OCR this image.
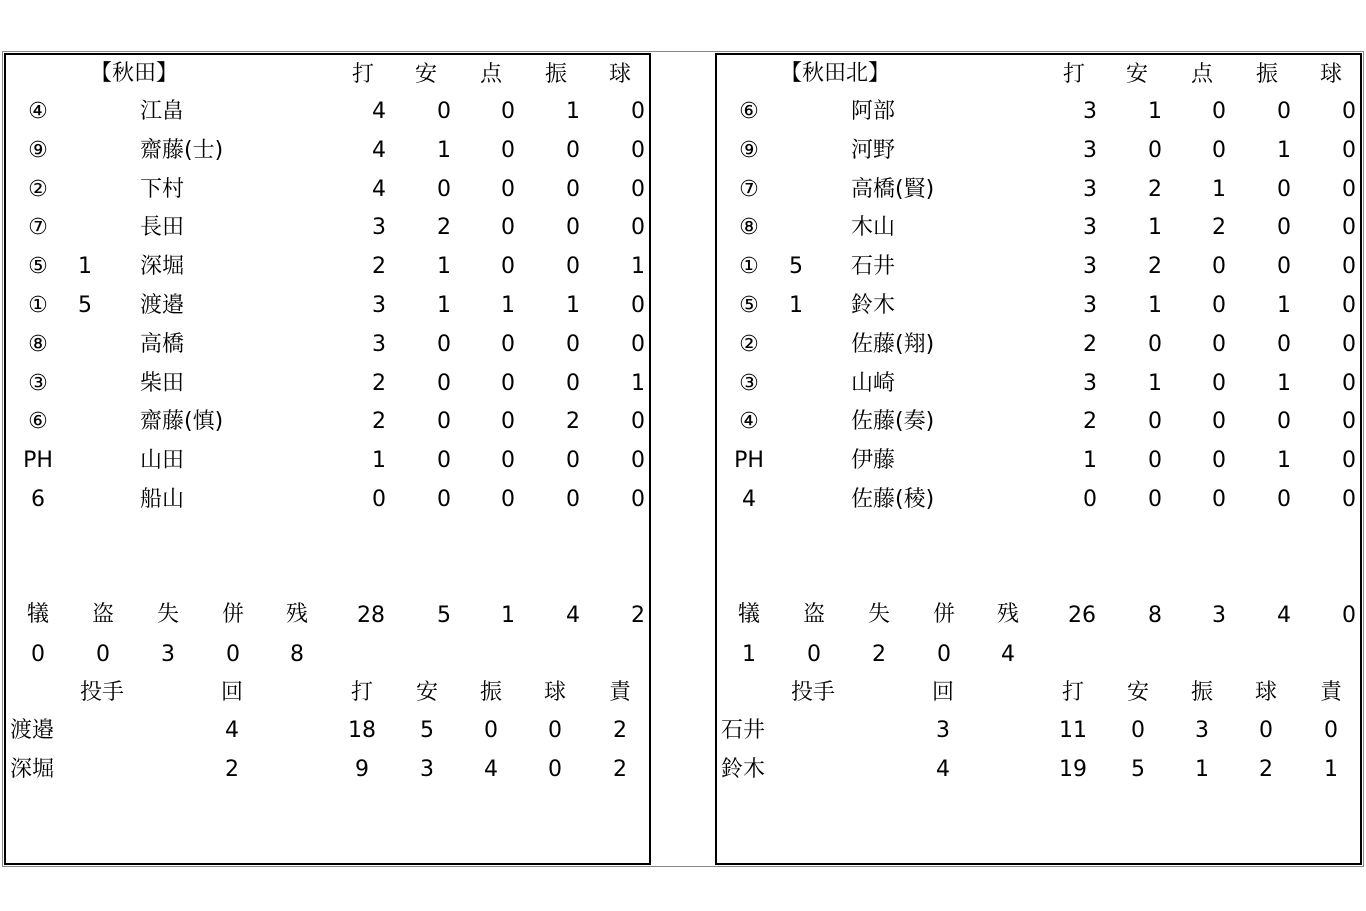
【秋田】	打 安 点 振 球
④	江畠	4 0 0 1 0
⑨	齋藤(士)	4 1 0 0 0
②	下村	4 0 0 0 0
⑦	長田	3 2 0 0 0
⑤ 1 深堀	2 1 0 0 1
① 5 渡邉	3 1 1 1 0
⑧	高橋	3 0 0 0 0
③	柴田	2 0 0 0 1
⑥	齋藤(慎)	2 0 0 2 0
PH	山田	1 0 0 0 0
6	船山	0 0 0 0 0
犠 盗 失 併 残
0 0 3 0 8
28 5 1 4 2
投手	回	打 安 振 球 責
渡邉	4	18 5 0 0 2
深堀	2	9 3 4 0 2
【秋田北】	打 安 点 振 球
⑥	阿部	3 1 0 0 0
⑨	河野	3 0 0 1 0
⑦	高橋(賢)	3 2 1 0 0
⑧	木山	3 1 2 0 0
① 5 石井	3 2 0 0 0
⑤ 1 鈴木	3 1 0 1 0
②	佐藤(翔)	2 0 0 0 0
③	山崎	3 1 0 1 0
④	佐藤(奏)	2 0 0 0 0
PH	伊藤	1 0 0 1 0
4	佐藤(稜)	0 0 0 0 0
犠 盗 失 併 残
1 0 2 0 4
26 8 3 4 0
投手	回	打 安 振 球 責
石井	3	11 0 3 0 0
鈴木	4	19 5 1 2 1
